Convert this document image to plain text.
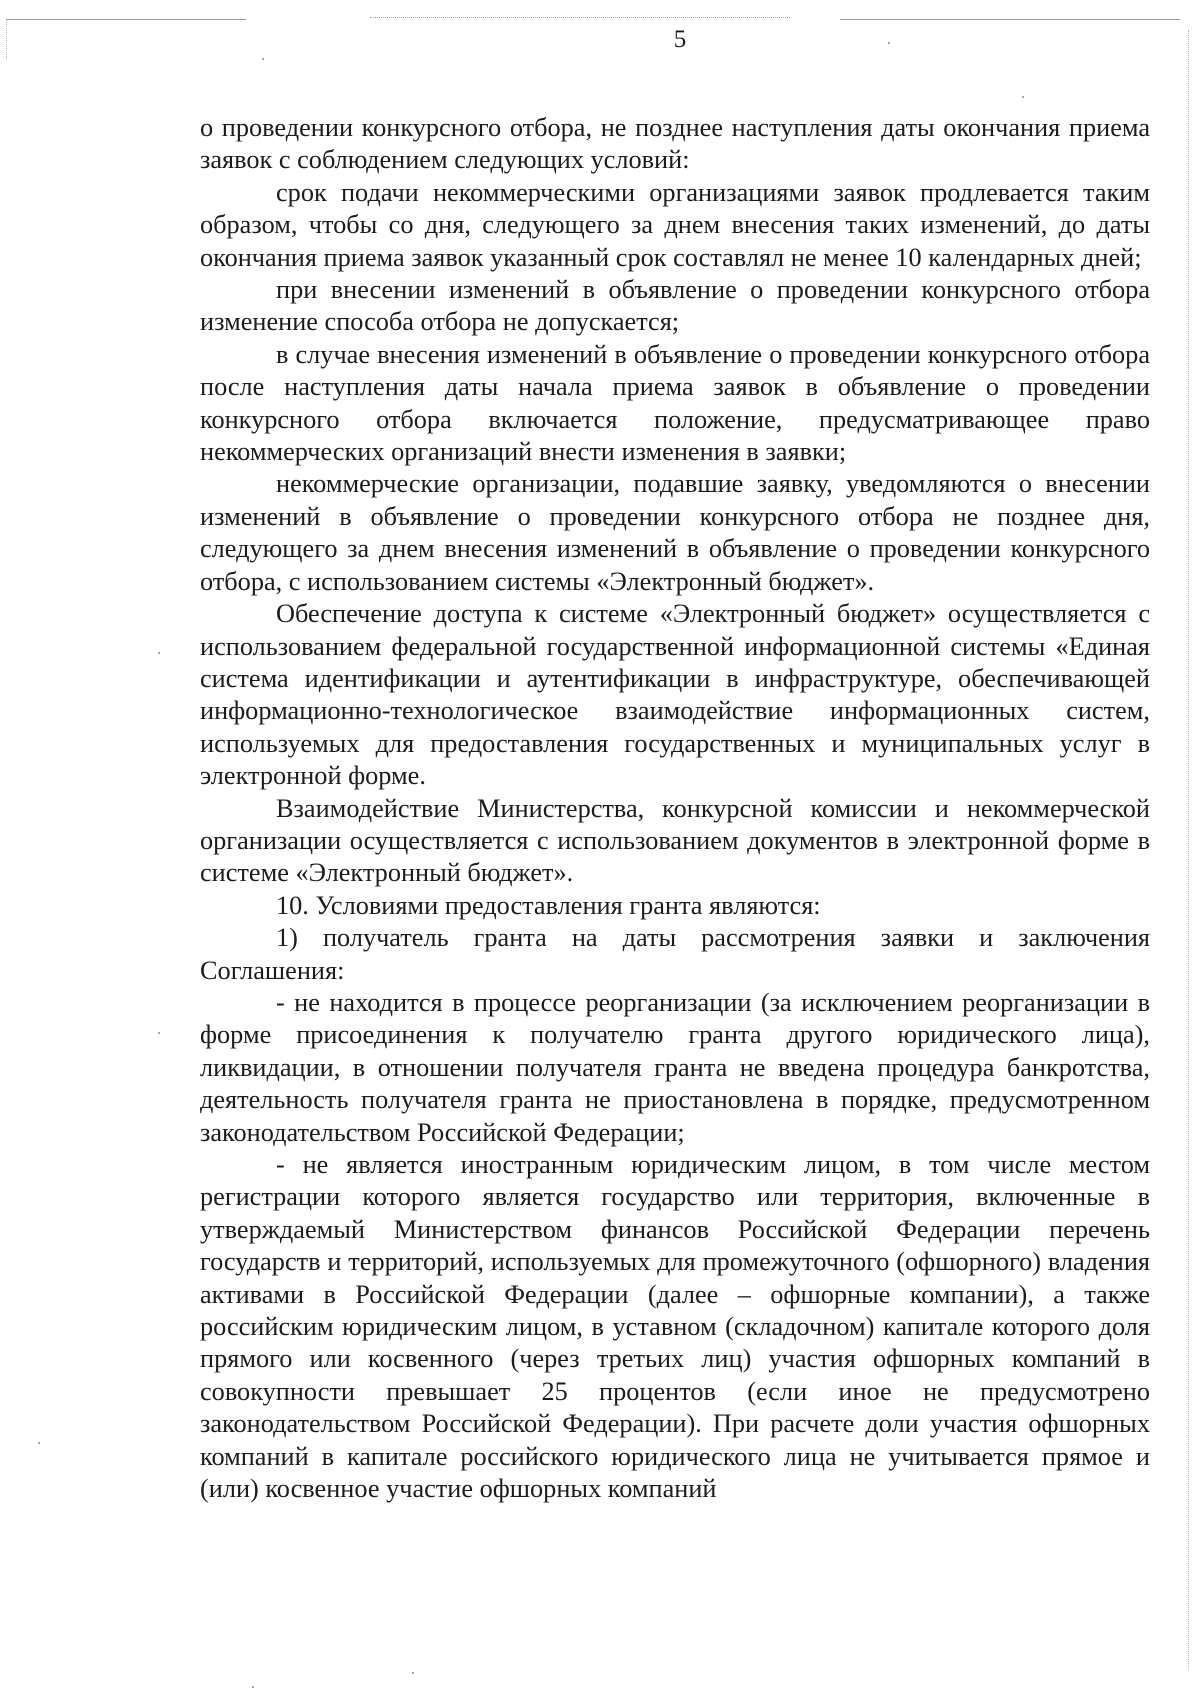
5

о проведении конкурсного отбора, не позднее наступления даты окончания приема заявок с соблюдением следующих условий:

срок подачи некоммерческими организациями заявок продлевается таким образом, чтобы со дня, следующего за днем внесения таких изменений, до даты окончания приема заявок указанный срок составлял не менее 10 календарных дней;

при внесении изменений в объявление о проведении конкурсного отбора изменение способа отбора не допускается;

в случае внесения изменений в объявление о проведении конкурсного отбора после наступления даты начала приема заявок в объявление о проведении конкурсного отбора включается положение, предусматривающее право некоммерческих организаций внести изменения в заявки;

некоммерческие организации, подавшие заявку, уведомляются о внесении изменений в объявление о проведении конкурсного отбора не позднее дня, следующего за днем внесения изменений в объявление о проведении конкурсного отбора, с использованием системы «Электронный бюджет».

Обеспечение доступа к системе «Электронный бюджет» осуществляется с использованием федеральной государственной информационной системы «Единая система идентификации и аутентификации в инфраструктуре, обеспечивающей информационно-технологическое взаимодействие информационных систем, используемых для предоставления государственных и муниципальных услуг в электронной форме.

Взаимодействие Министерства, конкурсной комиссии и некоммерческой организации осуществляется с использованием документов в электронной форме в системе «Электронный бюджет».

10. Условиями предоставления гранта являются:

1) получатель гранта на даты рассмотрения заявки и заключения Соглашения:

- не находится в процессе реорганизации (за исключением реорганизации в форме присоединения к получателю гранта другого юридического лица), ликвидации, в отношении получателя гранта не введена процедура банкротства, деятельность получателя гранта не приостановлена в порядке, предусмотренном законодательством Российской Федерации;

- не является иностранным юридическим лицом, в том числе местом регистрации которого является государство или территория, включенные в утверждаемый Министерством финансов Российской Федерации перечень государств и территорий, используемых для промежуточного (офшорного) владения активами в Российской Федерации (далее – офшорные компании), а также российским юридическим лицом, в уставном (складочном) капитале которого доля прямого или косвенного (через третьих лиц) участия офшорных компаний в совокупности превышает 25 процентов (если иное не предусмотрено законодательством Российской Федерации). При расчете доли участия офшорных компаний в капитале российского юридического лица не учитывается прямое и (или) косвенное участие офшорных компаний
